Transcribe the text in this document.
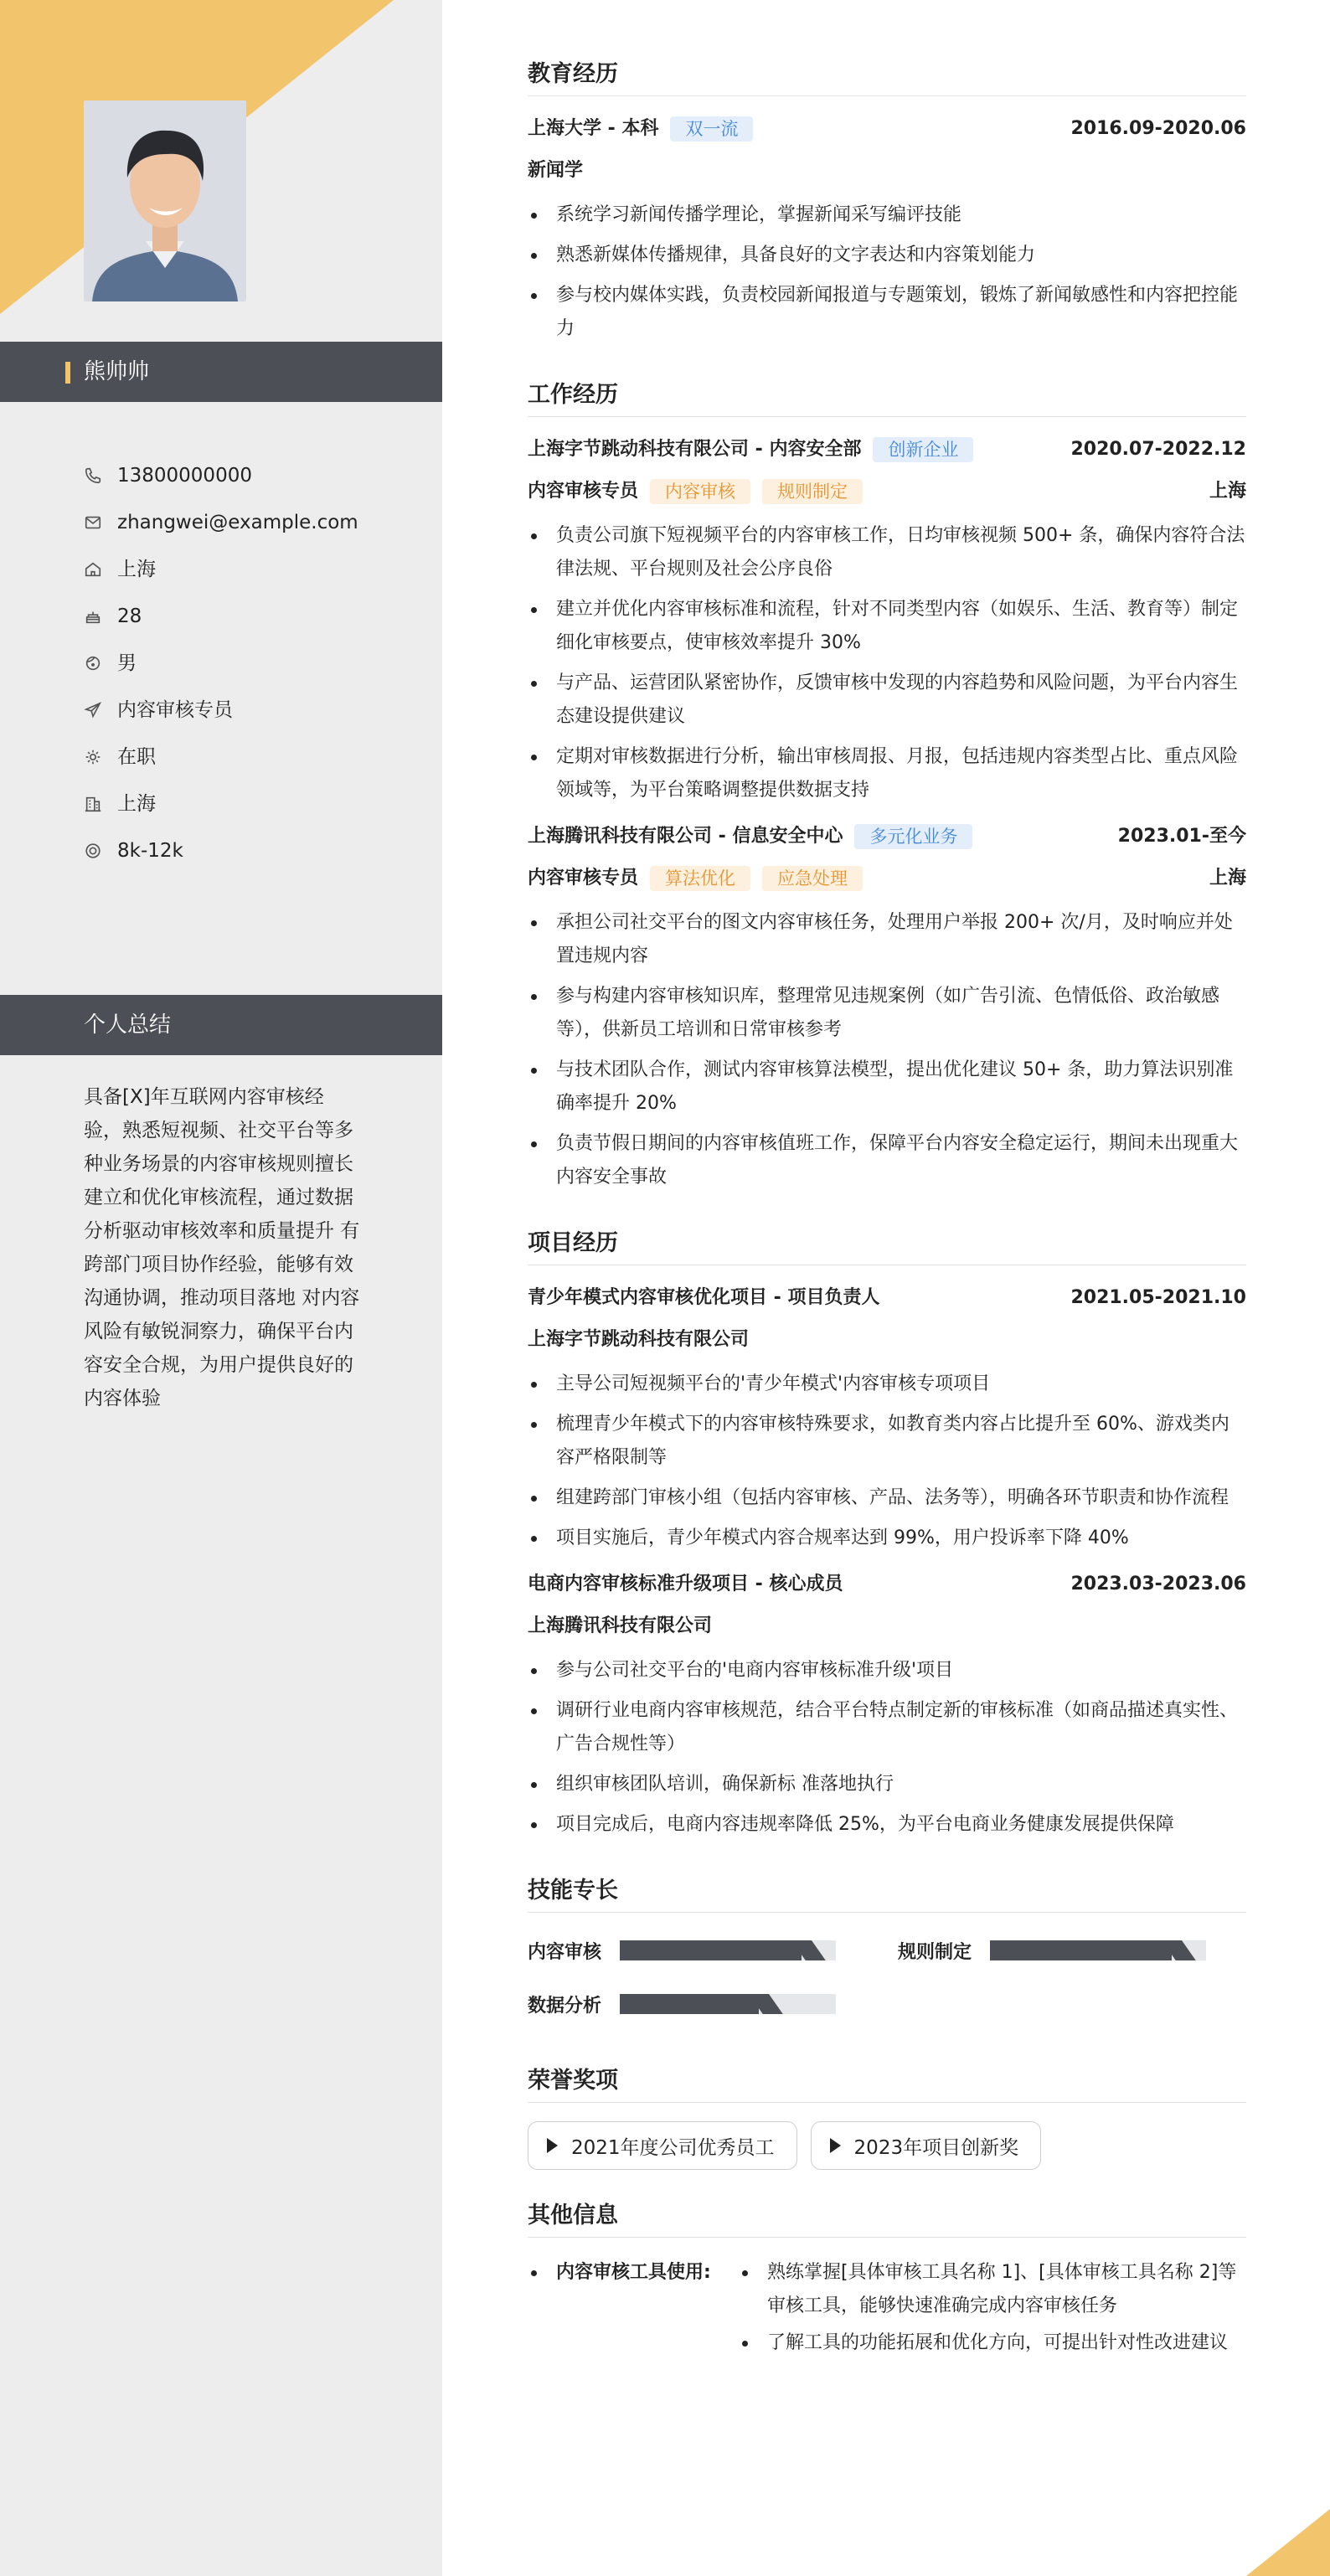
熊帅帅
13800000000
zhangwei@example.com
上海
28
男
内容审核专员
在职
上海
8k-12k
个人总结
具备[X]年互联网内容审核经验，熟悉短视频、社交平台等多种业务场景的内容审核规则擅长建立和优化审核流程，通过数据分析驱动审核效率和质量提升 有跨部门项目协作经验，能够有效沟通协调，推动项目落地 对内容风险有敏锐洞察力，确保平台内容安全合规，为用户提供良好的内容体验
教育经历
上海大学 - 本科	双一流	2016.09-2020.06
新闻学
系统学习新闻传播学理论，掌握新闻采写编评技能
熟悉新媒体传播规律，具备良好的文字表达和内容策划能力
参与校内媒体实践，负责校园新闻报道与专题策划，锻炼了新闻敏感性和内容把控能力
工作经历
上海字节跳动科技有限公司 - 内容安全部	创新企业	2020.07-2022.12
内容审核专员	内容审核	规则制定	上海
负责公司旗下短视频平台的内容审核工作，日均审核视频 500+ 条，确保内容符合法律法规、平台规则及社会公序良俗
建立并优化内容审核标准和流程，针对不同类型内容（如娱乐、生活、教育等）制定细化审核要点，使审核效率提升 30%
与产品、运营团队紧密协作，反馈审核中发现的内容趋势和风险问题，为平台内容生态建设提供建议
定期对审核数据进行分析，输出审核周报、月报，包括违规内容类型占比、重点风险领域等，为平台策略调整提供数据支持
上海腾讯科技有限公司 - 信息安全中心	多元化业务	2023.01-至今
内容审核专员	算法优化	应急处理	上海
承担公司社交平台的图文内容审核任务，处理用户举报 200+ 次/月，及时响应并处置违规内容
参与构建内容审核知识库，整理常见违规案例（如广告引流、色情低俗、政治敏感等），供新员工培训和日常审核参考
与技术团队合作，测试内容审核算法模型，提出优化建议 50+ 条，助力算法识别准确率提升 20%
负责节假日期间的内容审核值班工作，保障平台内容安全稳定运行，期间未出现重大内容安全事故
项目经历
青少年模式内容审核优化项目 - 项目负责人	2021.05-2021.10
上海字节跳动科技有限公司
主导公司短视频平台的'青少年模式'内容审核专项项目
梳理青少年模式下的内容审核特殊要求，如教育类内容占比提升至 60%、游戏类内容严格限制等
组建跨部门审核小组（包括内容审核、产品、法务等），明确各环节职责和协作流程
项目实施后，青少年模式内容合规率达到 99%，用户投诉率下降 40%
电商内容审核标准升级项目 - 核心成员	2023.03-2023.06
上海腾讯科技有限公司
参与公司社交平台的'电商内容审核标准升级'项目
调研行业电商内容审核规范，结合平台特点制定新的审核标准（如商品描述真实性、广告合规性等）
组织审核团队培训，确保新标 准落地执行
项目完成后，电商内容违规率降低 25%，为平台电商业务健康发展提供保障
技能专长
内容审核	规则制定
数据分析
荣誉奖项
2021年度公司优秀员工	2023年项目创新奖
其他信息
内容审核工具使用:	熟练掌握[具体审核工具名称 1]、[具体审核工具名称 2]等审核工具，能够快速准确完成内容审核任务
了解工具的功能拓展和优化方向，可提出针对性改进建议
